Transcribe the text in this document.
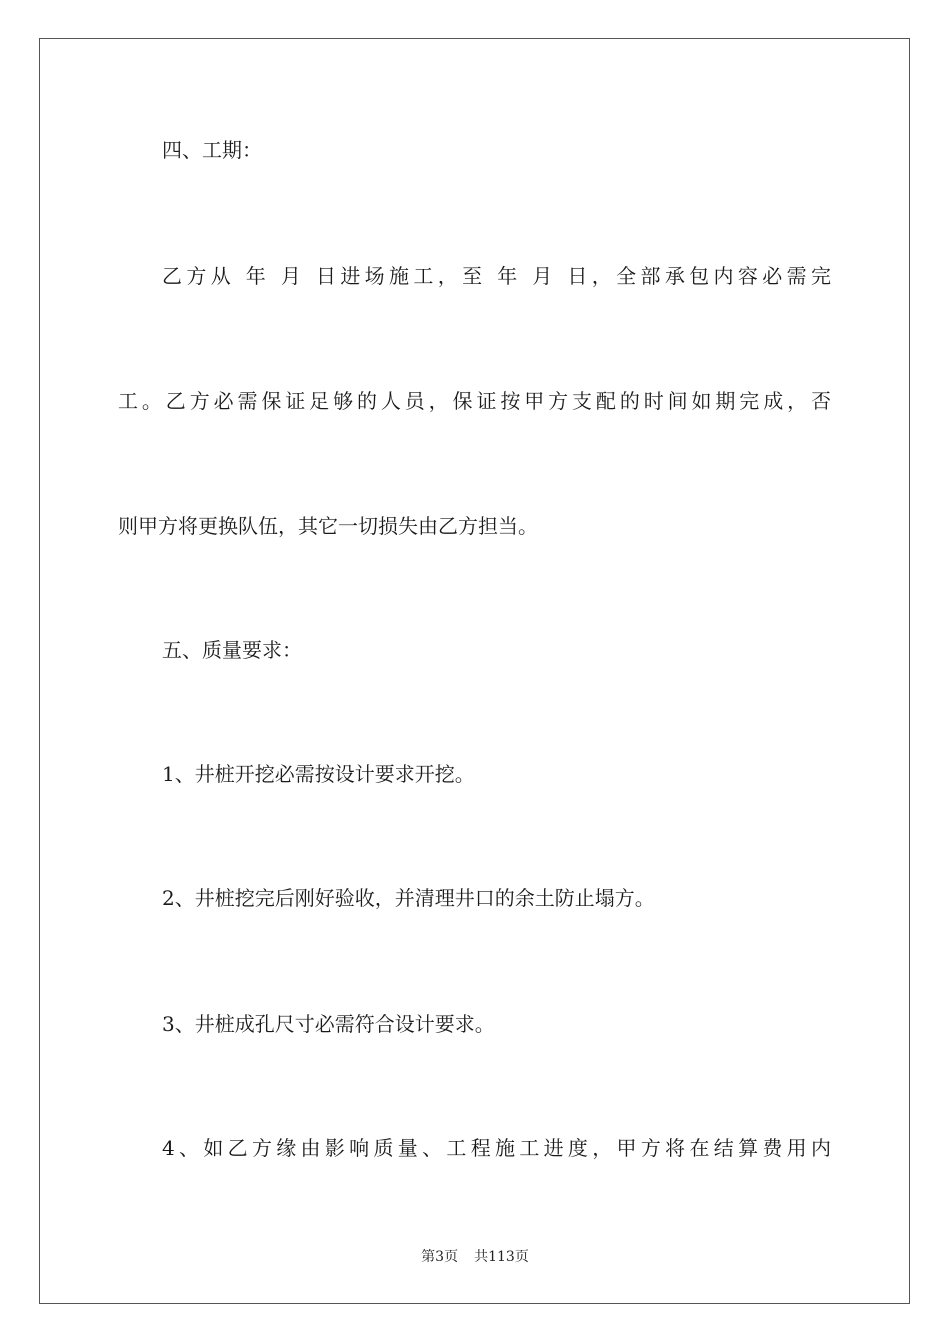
四、工期：
乙方从 年 月 日进场施工，至 年 月 日，全部承包内容必需完
工。乙方必需保证足够的人员，保证按甲方支配的时间如期完成，否
则甲方将更换队伍，其它一切损失由乙方担当。
五、质量要求：
1、井桩开挖必需按设计要求开挖。
2、井桩挖完后刚好验收，并清理井口的余土防止塌方。
3、井桩成孔尺寸必需符合设计要求。
4、如乙方缘由影响质量、工程施工进度，甲方将在结算费用内
第3页 共113页
